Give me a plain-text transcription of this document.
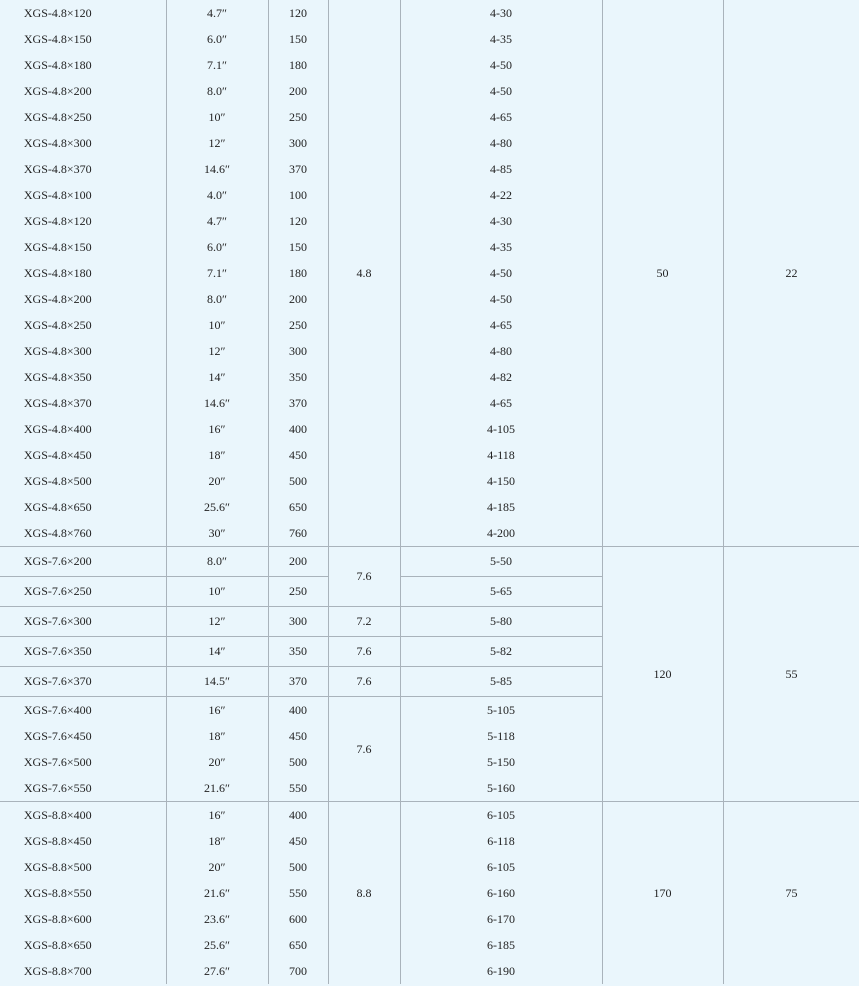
XGS-4.8×120	4.7″	120	4.8	4-30	50	22
XGS-4.8×150	6.0″	150		4-35		
XGS-4.8×180	7.1″	180		4-50		
XGS-4.8×200	8.0″	200		4-50		
XGS-4.8×250	10″	250		4-65		
XGS-4.8×300	12″	300		4-80		
XGS-4.8×370	14.6″	370		4-85		
XGS-4.8×100	4.0″	100		4-22		
XGS-4.8×120	4.7″	120		4-30		
XGS-4.8×150	6.0″	150		4-35		
XGS-4.8×180	7.1″	180		4-50		
XGS-4.8×200	8.0″	200		4-50		
XGS-4.8×250	10″	250		4-65		
XGS-4.8×300	12″	300		4-80		
XGS-4.8×350	14″	350		4-82		
XGS-4.8×370	14.6″	370		4-65		
XGS-4.8×400	16″	400		4-105		
XGS-4.8×450	18″	450		4-118		
XGS-4.8×500	20″	500		4-150		
XGS-4.8×650	25.6″	650		4-185		
XGS-4.8×760	30″	760		4-200		
XGS-7.6×200	8.0″	200	7.6	5-50	120	55
XGS-7.6×250	10″	250		5-65		
XGS-7.6×300	12″	300	7.2	5-80		
XGS-7.6×350	14″	350	7.6	5-82		
XGS-7.6×370	14.5″	370	7.6	5-85		
XGS-7.6×400	16″	400	7.6	5-105		
XGS-7.6×450	18″	450		5-118		
XGS-7.6×500	20″	500		5-150		
XGS-7.6×550	21.6″	550		5-160		
XGS-8.8×400	16″	400	8.8	6-105	170	75
XGS-8.8×450	18″	450		6-118		
XGS-8.8×500	20″	500		6-105		
XGS-8.8×550	21.6″	550		6-160		
XGS-8.8×600	23.6″	600		6-170		
XGS-8.8×650	25.6″	650		6-185		
XGS-8.8×700	27.6″	700		6-190		
